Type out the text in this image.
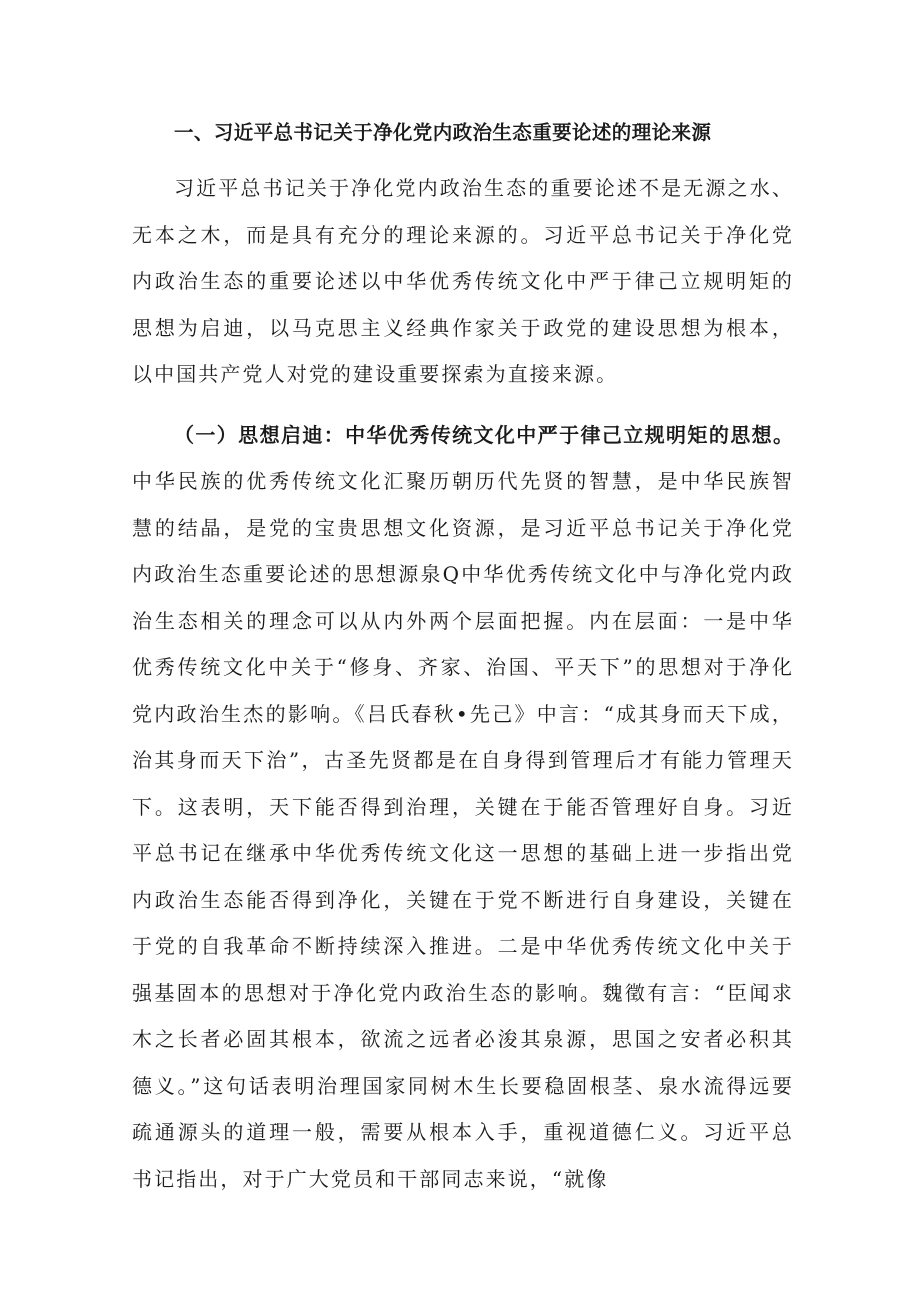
一、习近平总书记关于净化党内政治生态重要论述的理论来源

习近平总书记关于净化党内政治生态的重要论述不是无源之水、无本之木，而是具有充分的理论来源的。习近平总书记关于净化党内政治生态的重要论述以中华优秀传统文化中严于律己立规明矩的思想为启迪，以马克思主义经典作家关于政党的建设思想为根本，以中国共产党人对党的建设重要探索为直接来源。

（一）思想启迪：中华优秀传统文化中严于律己立规明矩的思想。中华民族的优秀传统文化汇聚历朝历代先贤的智慧，是中华民族智慧的结晶，是党的宝贵思想文化资源，是习近平总书记关于净化党内政治生态重要论述的思想源泉Q中华优秀传统文化中与净化党内政治生态相关的理念可以从内外两个层面把握。内在层面：一是中华优秀传统文化中关于“修身、齐家、治国、平天下”的思想对于净化党内政治生杰的影响。《吕氏春秋•先己》中言：“成其身而天下成，治其身而天下治”，古圣先贤都是在自身得到管理后才有能力管理天下。这表明，天下能否得到治理，关键在于能否管理好自身。习近平总书记在继承中华优秀传统文化这一思想的基础上进一步指出党内政治生态能否得到净化，关键在于党不断进行自身建设，关键在于党的自我革命不断持续深入推进。二是中华优秀传统文化中关于强基固本的思想对于净化党内政治生态的影响。魏徵有言：“臣闻求木之长者必固其根本，欲流之远者必浚其泉源，思国之安者必积其德义。”这句话表明治理国家同树木生长要稳固根茎、泉水流得远要疏通源头的道理一般，需要从根本入手，重视道德仁义。习近平总书记指出，对于广大党员和干部同志来说，“就像
